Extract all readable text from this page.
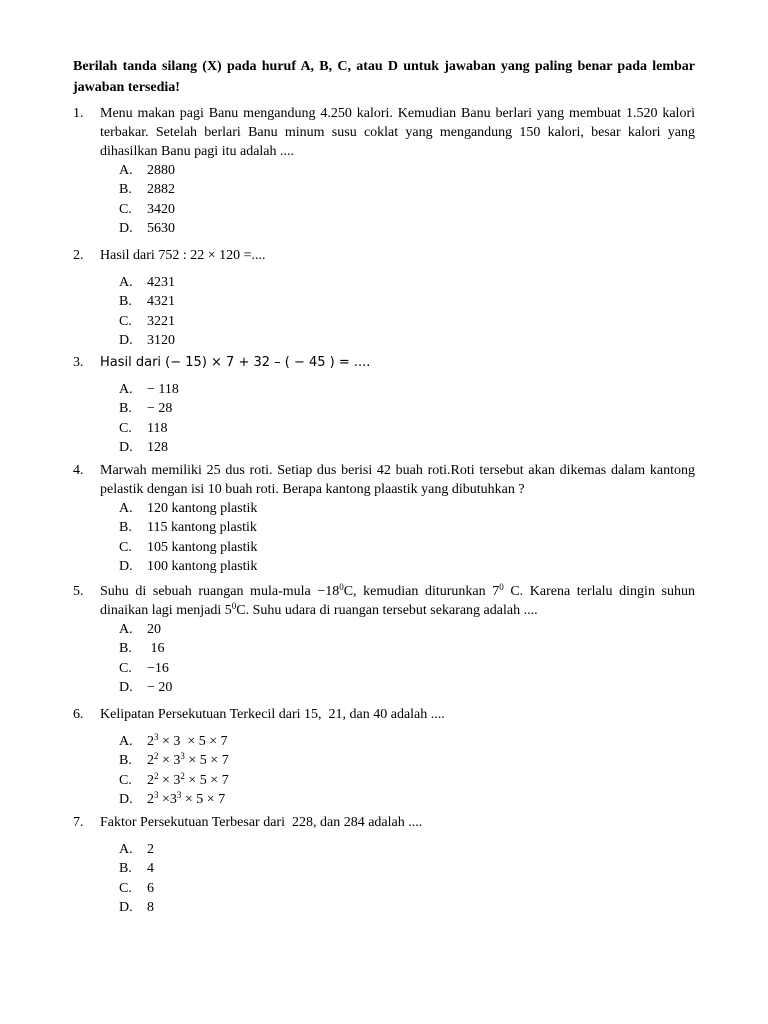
Berilah tanda silang (X) pada huruf A, B, C, atau D untuk jawaban yang paling benar pada lembar jawaban tersedia!
1.	Menu makan pagi Banu mengandung 4.250 kalori. Kemudian Banu berlari yang membuat 1.520 kalori terbakar. Setelah berlari Banu minum susu coklat yang mengandung 150 kalori, besar kalori yang dihasilkan Banu pagi itu adalah ....
A.	2880
B.	2882
C.	3420
D.	5630
2.	Hasil dari 752 : 22 × 120 =....
A.	4231
B.	4321
C.	3221
D.	3120
3.	Hasil dari (− 15) × 7 + 32 – ( − 45 ) = ....
A.	− 118
B.	− 28
C.	118
D.	128
4.	Marwah memiliki 25 dus roti. Setiap dus berisi 42 buah roti.Roti tersebut akan dikemas dalam kantong pelastik dengan isi 10 buah roti. Berapa kantong plaastik yang dibutuhkan ?
A.	120 kantong plastik
B.	115 kantong plastik
C.	105 kantong plastik
D.	100 kantong plastik
5.	Suhu di sebuah ruangan mula-mula $-18^0C$, kemudian diturunkan $7^0$ C. Karena terlalu dingin suhun dinaikan lagi menjadi $5^0C$. Suhu udara di ruangan tersebut sekarang adalah ....
A.	20
B.	16
C.	−16
D.	− 20
6.	Kelipatan Persekutuan Terkecil dari 15,  21, dan 40 adalah ....
A.	$2^3 \times 3 \times 5 \times 7$
B.	$2^2 \times 3^3 \times 5 \times 7$
C.	$2^2 \times 3^2 \times 5 \times 7$
D.	$2^3 \times 3^3 \times 5 \times 7$
7.	Faktor Persekutuan Terbesar dari  228, dan 284 adalah ....
A.	2
B.	4
C.	6
D.	8
